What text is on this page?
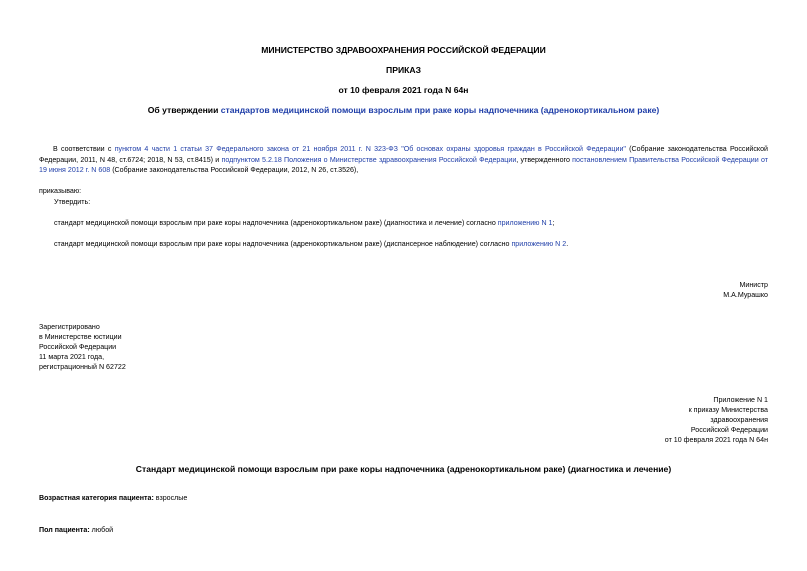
МИНИСТЕРСТВО ЗДРАВООХРАНЕНИЯ РОССИЙСКОЙ ФЕДЕРАЦИИ
ПРИКАЗ
от 10 февраля 2021 года N 64н
Об утверждении стандартов медицинской помощи взрослым при раке коры надпочечника (адренокортикальном раке)
В соответствии с пунктом 4 части 1 статьи 37 Федерального закона от 21 ноября 2011 г. N 323-ФЗ "Об основах охраны здоровья граждан в Российской Федерации" (Собрание законодательства Российской Федерации, 2011, N 48, ст.6724; 2018, N 53, ст.8415) и подпунктом 5.2.18 Положения о Министерстве здравоохранения Российской Федерации, утвержденного постановлением Правительства Российской Федерации от 19 июня 2012 г. N 608 (Собрание законодательства Российской Федерации, 2012, N 26, ст.3526),
приказываю:
Утвердить:
стандарт медицинской помощи взрослым при раке коры надпочечника (адренокортикальном раке) (диагностика и лечение) согласно приложению N 1;
стандарт медицинской помощи взрослым при раке коры надпочечника (адренокортикальном раке) (диспансерное наблюдение) согласно приложению N 2.
Министр
М.А.Мурашко
Зарегистрировано
в Министерстве юстиции
Российской Федерации
11 марта 2021 года,
регистрационный N 62722
Приложение N 1
к приказу Министерства
здравоохранения
Российской Федерации
от 10 февраля 2021 года N 64н
Стандарт медицинской помощи взрослым при раке коры надпочечника (адренокортикальном раке) (диагностика и лечение)
Возрастная категория пациента: взрослые
Пол пациента: любой
